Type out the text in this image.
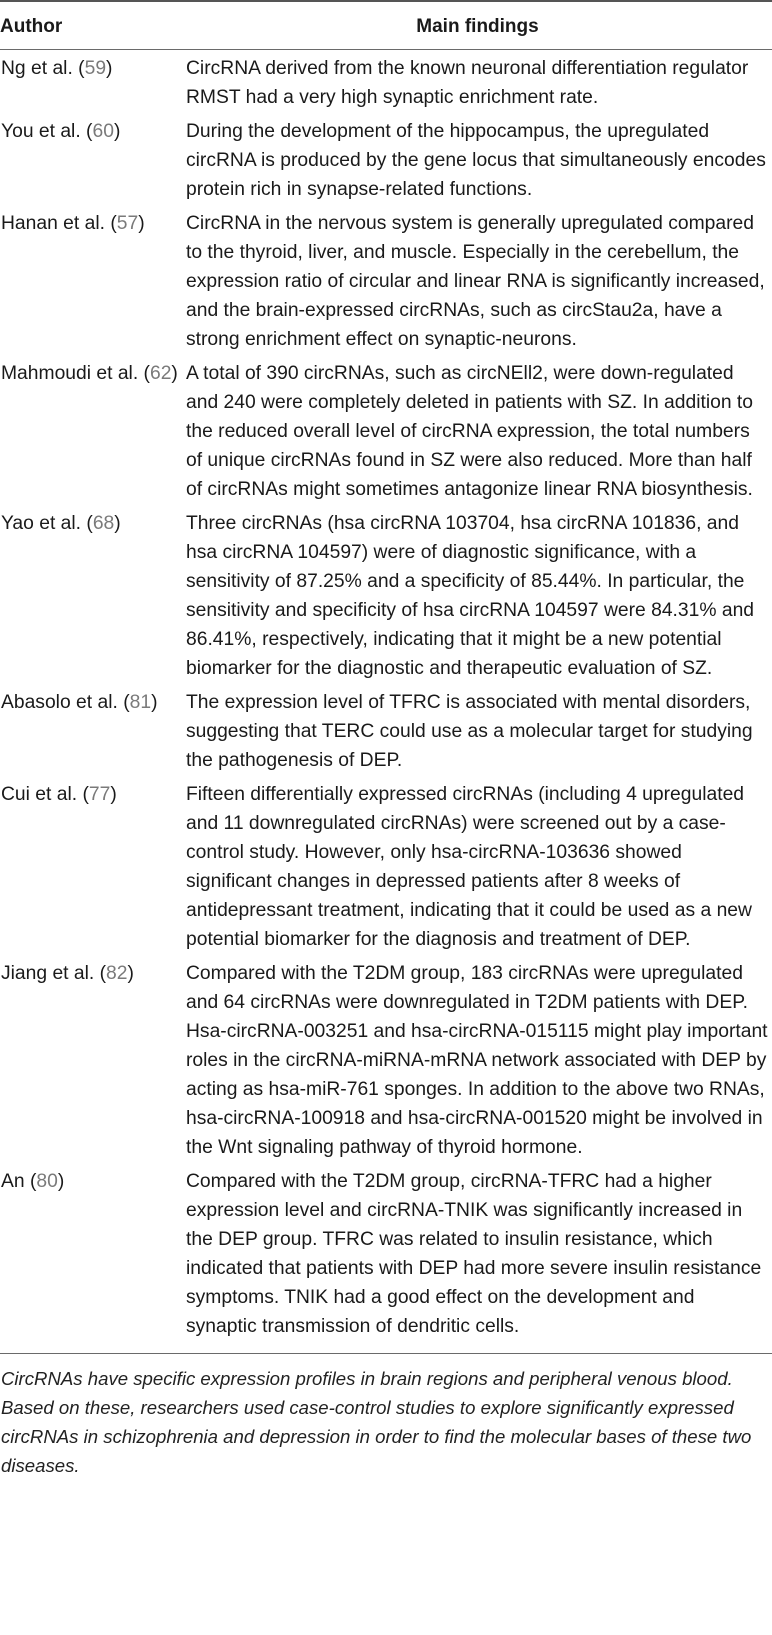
Author	Main findings
Ng et al. (59)	CircRNA derived from the known neuronal differentiation regulator RMST had a very high synaptic enrichment rate.
You et al. (60)	During the development of the hippocampus, the upregulated circRNA is produced by the gene locus that simultaneously encodes protein rich in synapse-related functions.
Hanan et al. (57)	CircRNA in the nervous system is generally upregulated compared to the thyroid, liver, and muscle. Especially in the cerebellum, the expression ratio of circular and linear RNA is significantly increased, and the brain-expressed circRNAs, such as circStau2a, have a strong enrichment effect on synaptic-neurons.
Mahmoudi et al. (62)	A total of 390 circRNAs, such as circNEll2, were down-regulated and 240 were completely deleted in patients with SZ. In addition to the reduced overall level of circRNA expression, the total numbers of unique circRNAs found in SZ were also reduced. More than half of circRNAs might sometimes antagonize linear RNA biosynthesis.
Yao et al. (68)	Three circRNAs (hsa circRNA 103704, hsa circRNA 101836, and hsa circRNA 104597) were of diagnostic significance, with a sensitivity of 87.25% and a specificity of 85.44%. In particular, the sensitivity and specificity of hsa circRNA 104597 were 84.31% and 86.41%, respectively, indicating that it might be a new potential biomarker for the diagnostic and therapeutic evaluation of SZ.
Abasolo et al. (81)	The expression level of TFRC is associated with mental disorders, suggesting that TERC could use as a molecular target for studying the pathogenesis of DEP.
Cui et al. (77)	Fifteen differentially expressed circRNAs (including 4 upregulated and 11 downregulated circRNAs) were screened out by a case-control study. However, only hsa-circRNA-103636 showed significant changes in depressed patients after 8 weeks of antidepressant treatment, indicating that it could be used as a new potential biomarker for the diagnosis and treatment of DEP.
Jiang et al. (82)	Compared with the T2DM group, 183 circRNAs were upregulated and 64 circRNAs were downregulated in T2DM patients with DEP. Hsa-circRNA-003251 and hsa-circRNA-015115 might play important roles in the circRNA-miRNA-mRNA network associated with DEP by acting as hsa-miR-761 sponges. In addition to the above two RNAs, hsa-circRNA-100918 and hsa-circRNA-001520 might be involved in the Wnt signaling pathway of thyroid hormone.
An (80)	Compared with the T2DM group, circRNA-TFRC had a higher expression level and circRNA-TNIK was significantly increased in the DEP group. TFRC was related to insulin resistance, which indicated that patients with DEP had more severe insulin resistance symptoms. TNIK had a good effect on the development and synaptic transmission of dendritic cells.
CircRNAs have specific expression profiles in brain regions and peripheral venous blood. Based on these, researchers used case-control studies to explore significantly expressed circRNAs in schizophrenia and depression in order to find the molecular bases of these two diseases.
